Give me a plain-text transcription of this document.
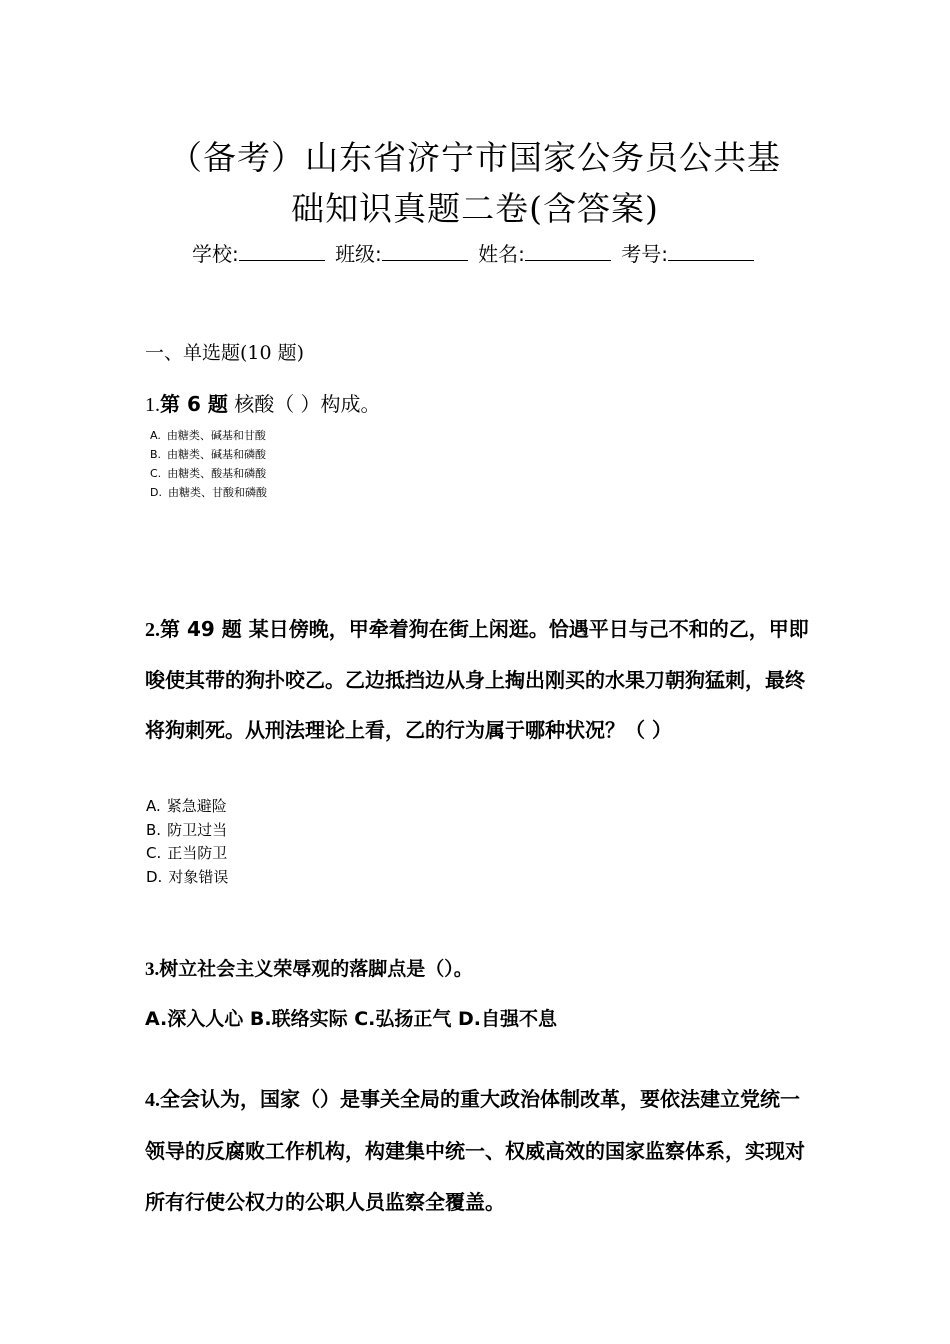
（备考）山东省济宁市国家公务员公共基
础知识真题二卷(含答案)
学校:	班级:	姓名:	考号:
一、单选题(10 题)
1.第 6 题 核酸（ ）构成。
A. 由糖类、碱基和甘酸
B. 由糖类、碱基和磷酸
C. 由糖类、酸基和磷酸
D. 由糖类、甘酸和磷酸
2.第 49 题 某日傍晚，甲牵着狗在街上闲逛。恰遇平日与己不和的乙，甲即唆使其带的狗扑咬乙。乙边抵挡边从身上掏出刚买的水果刀朝狗猛刺，最终将狗刺死。从刑法理论上看，乙的行为属于哪种状况？（ ）
A. 紧急避险
B. 防卫过当
C. 正当防卫
D. 对象错误
3.树立社会主义荣辱观的落脚点是（）。
A.深入人心 B.联络实际 C.弘扬正气 D.自强不息
4.全会认为，国家（）是事关全局的重大政治体制改革，要依法建立党统一领导的反腐败工作机构，构建集中统一、权威高效的国家监察体系，实现对所有行使公权力的公职人员监察全覆盖。
